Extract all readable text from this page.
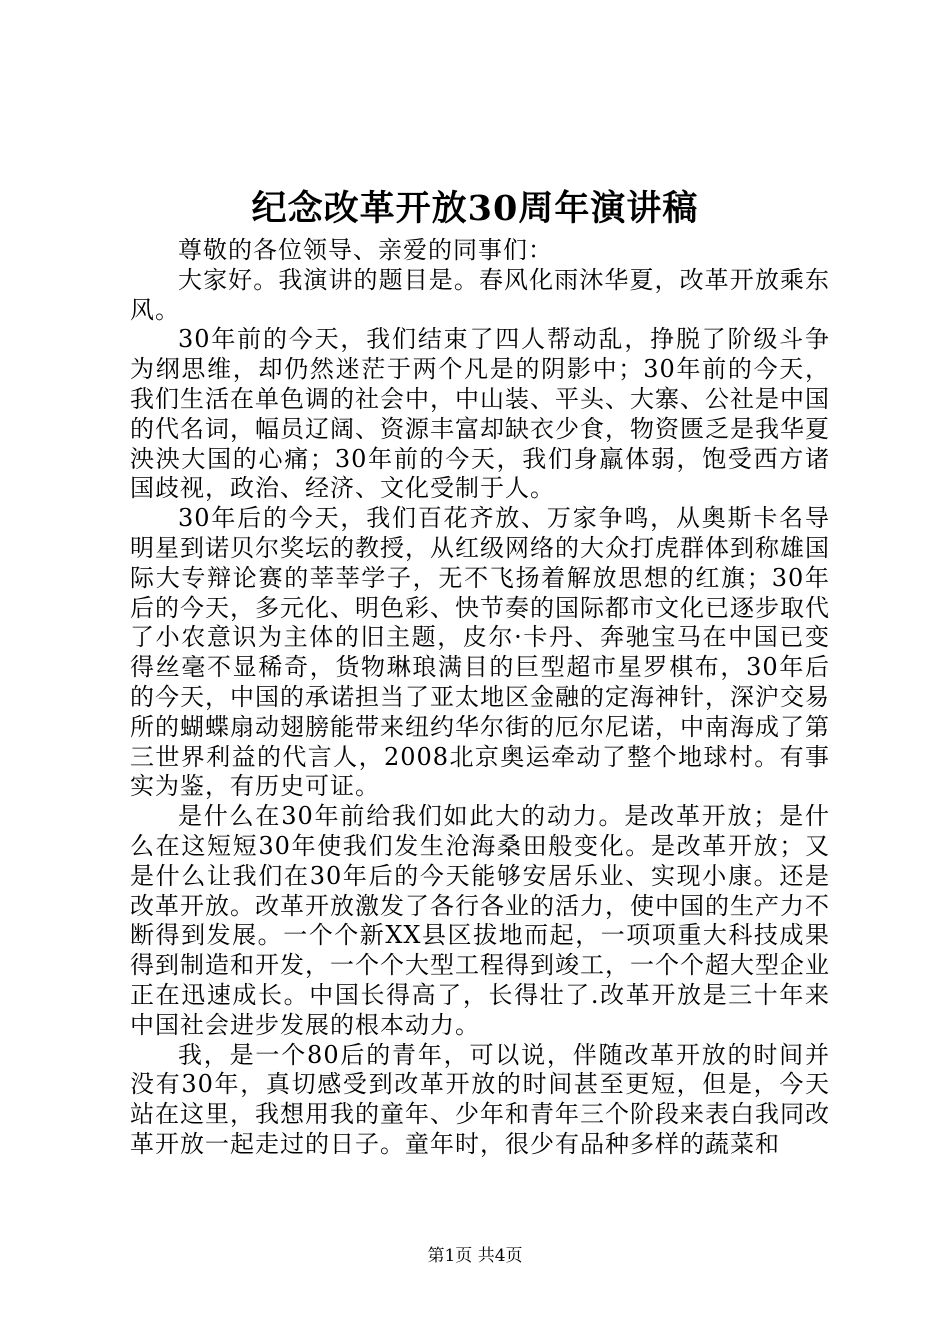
纪念改革开放30周年演讲稿

尊敬的各位领导、亲爱的同事们：

大家好。我演讲的题目是。春风化雨沐华夏，改革开放乘东风。

30年前的今天，我们结束了四人帮动乱，挣脱了阶级斗争为纲思维，却仍然迷茫于两个凡是的阴影中；30年前的今天，我们生活在单色调的社会中，中山装、平头、大寨、公社是中国的代名词，幅员辽阔、资源丰富却缺衣少食，物资匮乏是我华夏泱泱大国的心痛；30年前的今天，我们身羸体弱，饱受西方诸国歧视，政治、经济、文化受制于人。

30年后的今天，我们百花齐放、万家争鸣，从奥斯卡名导明星到诺贝尔奖坛的教授，从红级网络的大众打虎群体到称雄国际大专辩论赛的莘莘学子，无不飞扬着解放思想的红旗；30年后的今天，多元化、明色彩、快节奏的国际都市文化已逐步取代了小农意识为主体的旧主题，皮尔·卡丹、奔驰宝马在中国已变得丝毫不显稀奇，货物琳琅满目的巨型超市星罗棋布，30年后的今天，中国的承诺担当了亚太地区金融的定海神针，深沪交易所的蝴蝶扇动翅膀能带来纽约华尔街的厄尔尼诺，中南海成了第三世界利益的代言人，2008北京奥运牵动了整个地球村。有事实为鉴，有历史可证。

是什么在30年前给我们如此大的动力。是改革开放；是什么在这短短30年使我们发生沧海桑田般变化。是改革开放；又是什么让我们在30年后的今天能够安居乐业、实现小康。还是改革开放。改革开放激发了各行各业的活力，使中国的生产力不断得到发展。一个个新XX县区拔地而起，一项项重大科技成果得到制造和开发，一个个大型工程得到竣工，一个个超大型企业正在迅速成长。中国长得高了，长得壮了.改革开放是三十年来中国社会进步发展的根本动力。

我，是一个80后的青年，可以说，伴随改革开放的时间并没有30年，真切感受到改革开放的时间甚至更短，但是，今天站在这里，我想用我的童年、少年和青年三个阶段来表白我同改革开放一起走过的日子。童年时，很少有品种多样的蔬菜和

第1页 共4页
